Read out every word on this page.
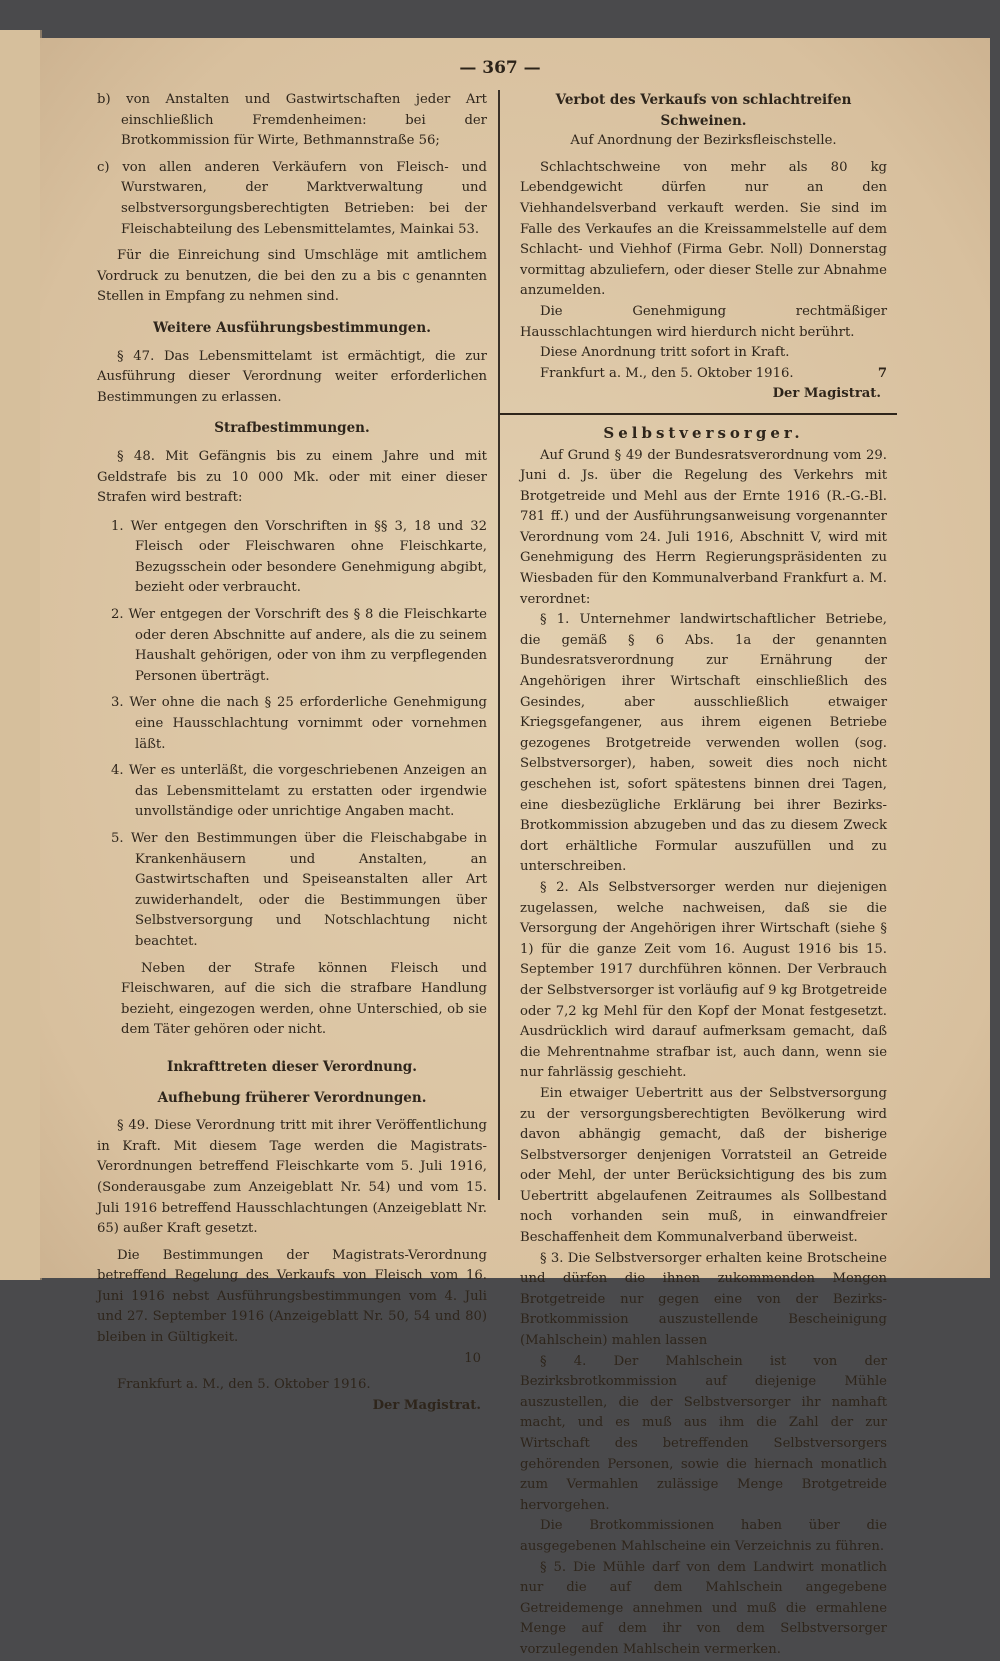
— 367 —

b) von Anstalten und Gastwirtschaften jeder Art einschließlich Fremdenheimen: bei der Brotkommission für Wirte, Bethmannstraße 56;

c) von allen anderen Verkäufern von Fleisch- und Wurstwaren, der Marktverwaltung und selbstversorgungsberechtigten Betrieben: bei der Fleischabteilung des Lebensmittelamtes, Mainkai 53.

Für die Einreichung sind Umschläge mit amtlichem Vordruck zu benutzen, die bei den zu a bis c genannten Stellen in Empfang zu nehmen sind.

Weitere Ausführungsbestimmungen.

§ 47. Das Lebensmittelamt ist ermächtigt, die zur Ausführung dieser Verordnung weiter erforderlichen Bestimmungen zu erlassen.

Strafbestimmungen.

§ 48. Mit Gefängnis bis zu einem Jahre und mit Geldstrafe bis zu 10 000 Mk. oder mit einer dieser Strafen wird bestraft:

1. Wer entgegen den Vorschriften in §§ 3, 18 und 32 Fleisch oder Fleischwaren ohne Fleischkarte, Bezugsschein oder besondere Genehmigung abgibt, bezieht oder verbraucht.

2. Wer entgegen der Vorschrift des § 8 die Fleischkarte oder deren Abschnitte auf andere, als die zu seinem Haushalt gehörigen, oder von ihm zu verpflegenden Personen überträgt.

3. Wer ohne die nach § 25 erforderliche Genehmigung eine Hausschlachtung vornimmt oder vornehmen läßt.

4. Wer es unterläßt, die vorgeschriebenen Anzeigen an das Lebensmittelamt zu erstatten oder irgendwie unvollständige oder unrichtige Angaben macht.

5. Wer den Bestimmungen über die Fleischabgabe in Krankenhäusern und Anstalten, an Gastwirtschaften und Speiseanstalten aller Art zuwiderhandelt, oder die Bestimmungen über Selbstversorgung und Notschlachtung nicht beachtet.

Neben der Strafe können Fleisch und Fleischwaren, auf die sich die strafbare Handlung bezieht, eingezogen werden, ohne Unterschied, ob sie dem Täter gehören oder nicht.

Inkrafttreten dieser Verordnung.
Aufhebung früherer Verordnungen.

§ 49. Diese Verordnung tritt mit ihrer Veröffentlichung in Kraft. Mit diesem Tage werden die Magistrats-Verordnungen betreffend Fleischkarte vom 5. Juli 1916, (Sonderausgabe zum Anzeigeblatt Nr. 54) und vom 15. Juli 1916 betreffend Hausschlachtungen (Anzeigeblatt Nr. 65) außer Kraft gesetzt.

Die Bestimmungen der Magistrats-Verordnung betreffend Regelung des Verkaufs von Fleisch vom 16. Juni 1916 nebst Ausführungsbestimmungen vom 4. Juli und 27. September 1916 (Anzeigeblatt Nr. 50, 54 und 80) bleiben in Gültigkeit.

10

Frankfurt a. M., den 5. Oktober 1916.

Der Magistrat.

Verbot des Verkaufs von schlachtreifen Schweinen.

Auf Anordnung der Bezirksfleischstelle.

Schlachtschweine von mehr als 80 kg Lebendgewicht dürfen nur an den Viehhandelsverband verkauft werden. Sie sind im Falle des Verkaufes an die Kreissammelstelle auf dem Schlacht- und Viehhof (Firma Gebr. Noll) Donnerstag vormittag abzuliefern, oder dieser Stelle zur Abnahme anzumelden.

Die Genehmigung rechtmäßiger Hausschlachtungen wird hierdurch nicht berührt.

Diese Anordnung tritt sofort in Kraft.

Frankfurt a. M., den 5. Oktober 1916.	7

Der Magistrat.

Selbstversorger.

Auf Grund § 49 der Bundesratsverordnung vom 29. Juni d. Js. über die Regelung des Verkehrs mit Brotgetreide und Mehl aus der Ernte 1916 (R.-G.-Bl. 781 ff.) und der Ausführungsanweisung vorgenannter Verordnung vom 24. Juli 1916, Abschnitt V, wird mit Genehmigung des Herrn Regierungspräsidenten zu Wiesbaden für den Kommunalverband Frankfurt a. M. verordnet:

§ 1. Unternehmer landwirtschaftlicher Betriebe, die gemäß § 6 Abs. 1a der genannten Bundesratsverordnung zur Ernährung der Angehörigen ihrer Wirtschaft einschließlich des Gesindes, aber ausschließlich etwaiger Kriegsgefangener, aus ihrem eigenen Betriebe gezogenes Brotgetreide verwenden wollen (sog. Selbstversorger), haben, soweit dies noch nicht geschehen ist, sofort spätestens binnen drei Tagen, eine diesbezügliche Erklärung bei ihrer Bezirks-Brotkommission abzugeben und das zu diesem Zweck dort erhältliche Formular auszufüllen und zu unterschreiben.

§ 2. Als Selbstversorger werden nur diejenigen zugelassen, welche nachweisen, daß sie die Versorgung der Angehörigen ihrer Wirtschaft (siehe § 1) für die ganze Zeit vom 16. August 1916 bis 15. September 1917 durchführen können. Der Verbrauch der Selbstversorger ist vorläufig auf 9 kg Brotgetreide oder 7,2 kg Mehl für den Kopf der Monat festgesetzt. Ausdrücklich wird darauf aufmerksam gemacht, daß die Mehrentnahme strafbar ist, auch dann, wenn sie nur fahrlässig geschieht.

Ein etwaiger Uebertritt aus der Selbstversorgung zu der versorgungsberechtigten Bevölkerung wird davon abhängig gemacht, daß der bisherige Selbstversorger denjenigen Vorratsteil an Getreide oder Mehl, der unter Berücksichtigung des bis zum Uebertritt abgelaufenen Zeitraumes als Sollbestand noch vorhanden sein muß, in einwandfreier Beschaffenheit dem Kommunalverband überweist.

§ 3. Die Selbstversorger erhalten keine Brotscheine und dürfen die ihnen zukommenden Mengen Brotgetreide nur gegen eine von der Bezirks-Brotkommission auszustellende Bescheinigung (Mahlschein) mahlen lassen

§ 4. Der Mahlschein ist von der Bezirksbrotkommission auf diejenige Mühle auszustellen, die der Selbstversorger ihr namhaft macht, und es muß aus ihm die Zahl der zur Wirtschaft des betreffenden Selbstversorgers gehörenden Personen, sowie die hiernach monatlich zum Vermahlen zulässige Menge Brotgetreide hervorgehen.

Die Brotkommissionen haben über die ausgegebenen Mahlscheine ein Verzeichnis zu führen.

§ 5. Die Mühle darf von dem Landwirt monatlich nur die auf dem Mahlschein angegebene Getreidemenge annehmen und muß die ermahlene Menge auf dem ihr von dem Selbstversorger vorzulegenden Mahlschein vermerken.
